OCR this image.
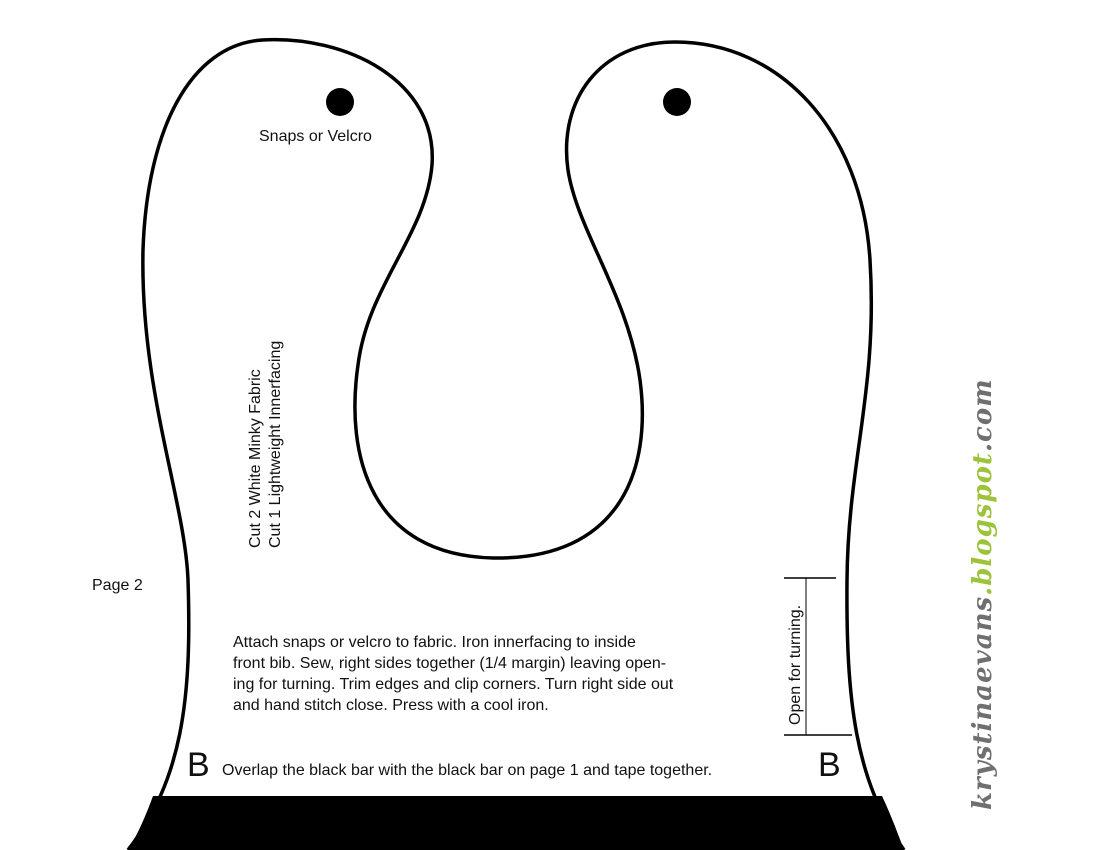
Snaps or Velcro
Page 2
Cut 2 White Minky Fabric Cut 1 Lightweight Innerfacing
Attach snaps or velcro to fabric. Iron innerfacing to inside
front bib. Sew, right sides together (1/4 margin) leaving open-
ing for turning. Trim edges and clip corners. Turn right side out
and hand stitch close. Press with a cool iron.	Open for turning.
B Overlap the black bar with the black bar on page 1 and tape together.	B	krystinaevans.blogspot.com
